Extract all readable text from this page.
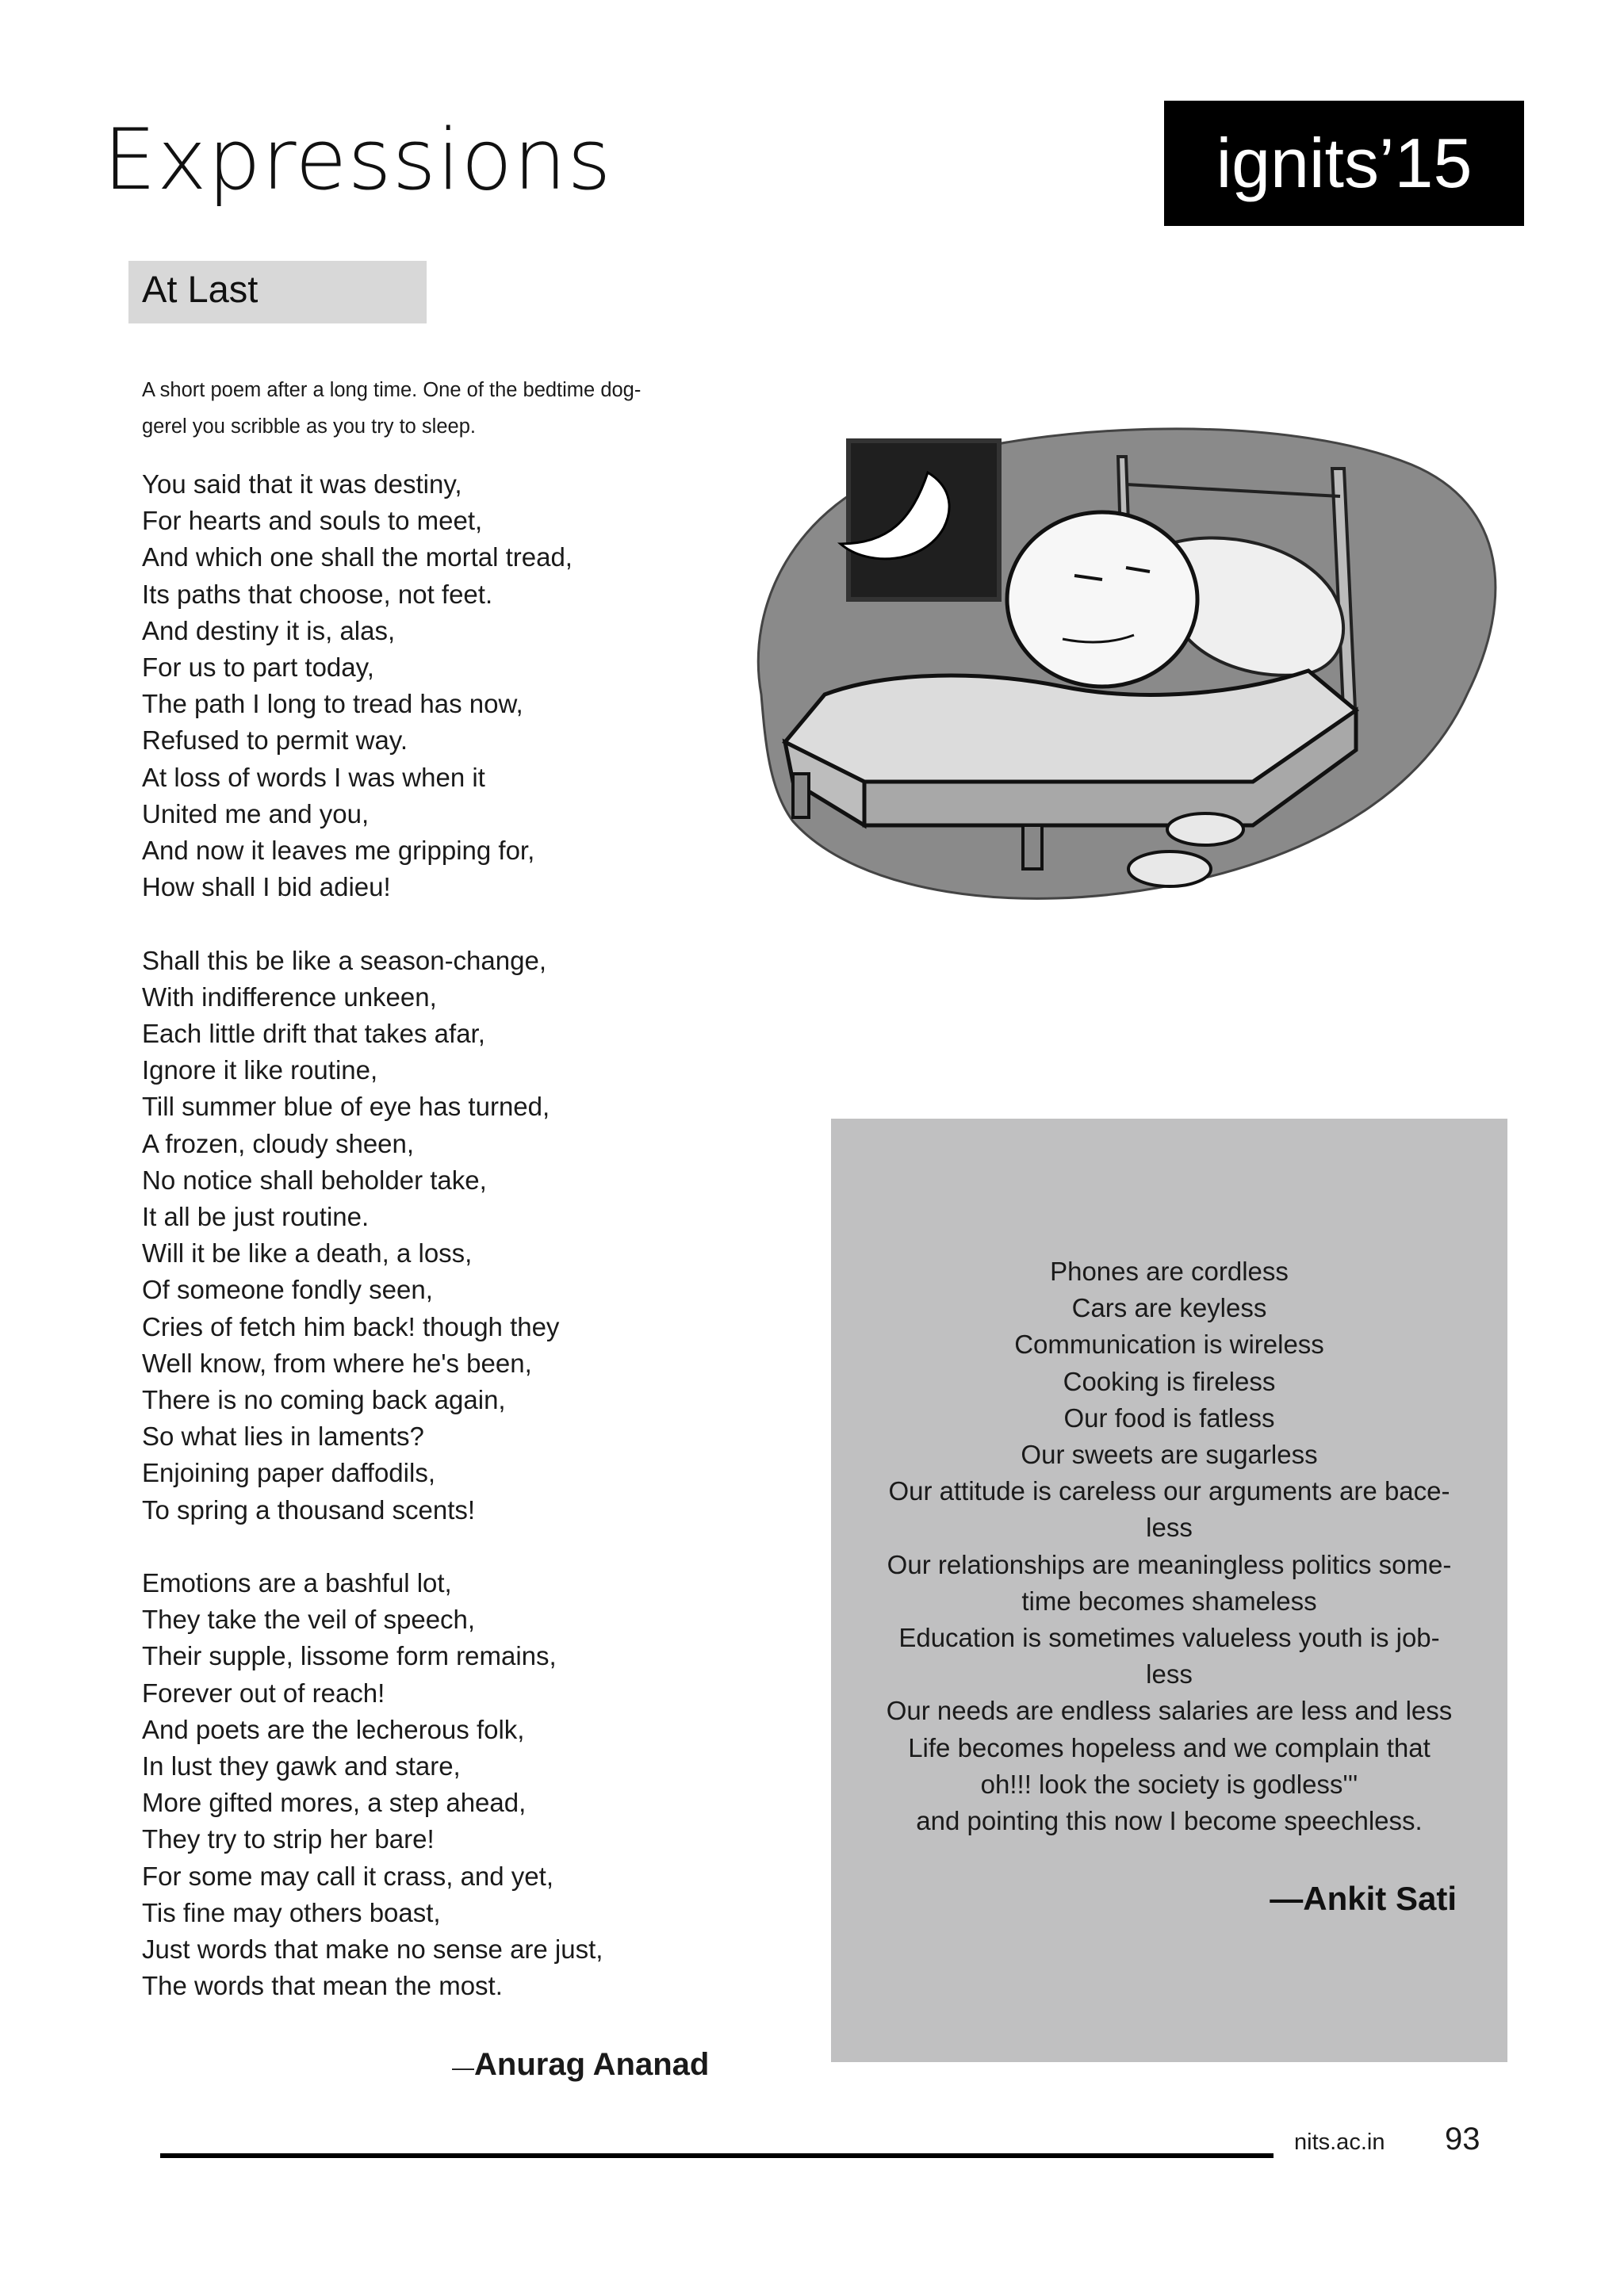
Expressions	ignits’15
At Last
A short poem after a long time. One of the bedtime dog-
gerel you scribble as you try to sleep.
You said that it was destiny,
For hearts and souls to meet,
And which one shall the mortal tread,
Its paths that choose, not feet.
And destiny it is, alas,
For us to part today,
The path I long to tread has now,
Refused to permit way.
At loss of words I was when it
United me and you,
And now it leaves me gripping for,
How shall I bid adieu!
Shall this be like a season-change,
With indifference unkeen,
Each little drift that takes afar,
Ignore it like routine,
Till summer blue of eye has turned,
A frozen, cloudy sheen,
No notice shall beholder take,
It all be just routine.
Will it be like a death, a loss,
Of someone fondly seen,
Cries of fetch him back! though they
Well know, from where he's been,
There is no coming back again,
So what lies in laments?
Enjoining paper daffodils,
To spring a thousand scents!
Emotions are a bashful lot,
They take the veil of speech,
Their supple, lissome form remains,
Forever out of reach!
And poets are the lecherous folk,
In lust they gawk and stare,
More gifted mores, a step ahead,
They try to strip her bare!
For some may call it crass, and yet,
Tis fine may others boast,
Just words that make no sense are just,
The words that mean the most.
—Anurag Ananad
Phones are cordless
Cars are keyless
Communication is wireless
Cooking is fireless
Our food is fatless
Our sweets are sugarless
Our attitude is careless our arguments are bace-
less
Our relationships are meaningless politics some-
time becomes shameless
Education is sometimes valueless youth is job-
less
Our needs are endless salaries are less and less
Life becomes hopeless and we complain that
oh!!! look the society is godless'''
and pointing this now I become speechless.
—Ankit Sati
nits.ac.in 93
